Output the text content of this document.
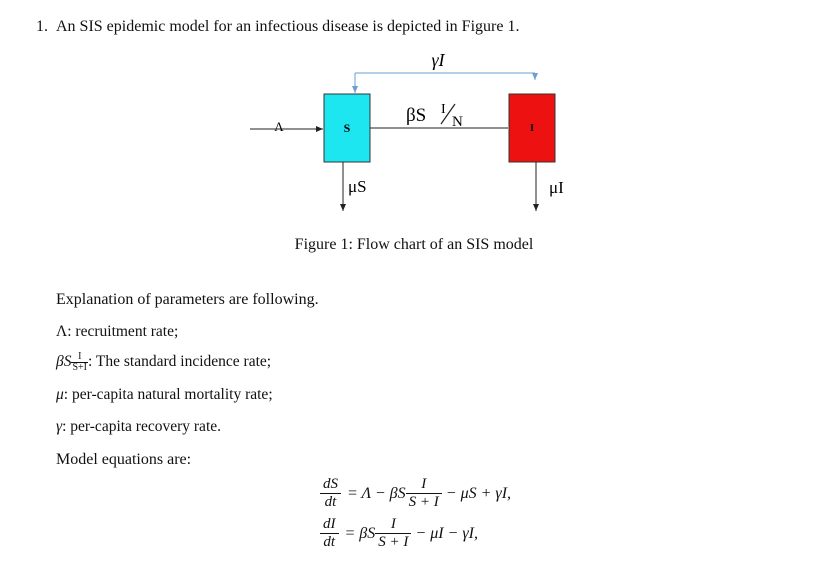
1. An SIS epidemic model for an infectious disease is depicted in Figure 1.
γI
Λ	S
βS I
N	I
μS	μI
Figure 1: Flow chart of an SIS model
Explanation of parameters are following.
Λ: recruitment rate;
βS $\frac{I}{S+I}$ : The standard incidence rate;
μ: per-capita natural mortality rate;
γ: per-capita recovery rate.
Model equations are:
$\frac{dS}{dt} = \Lambda - \beta S \frac{I}{S + I} - \mu S + \gamma I$,
$\frac{dI}{dt} = \beta S \frac{I}{S + I} - \mu I - \gamma I$,
